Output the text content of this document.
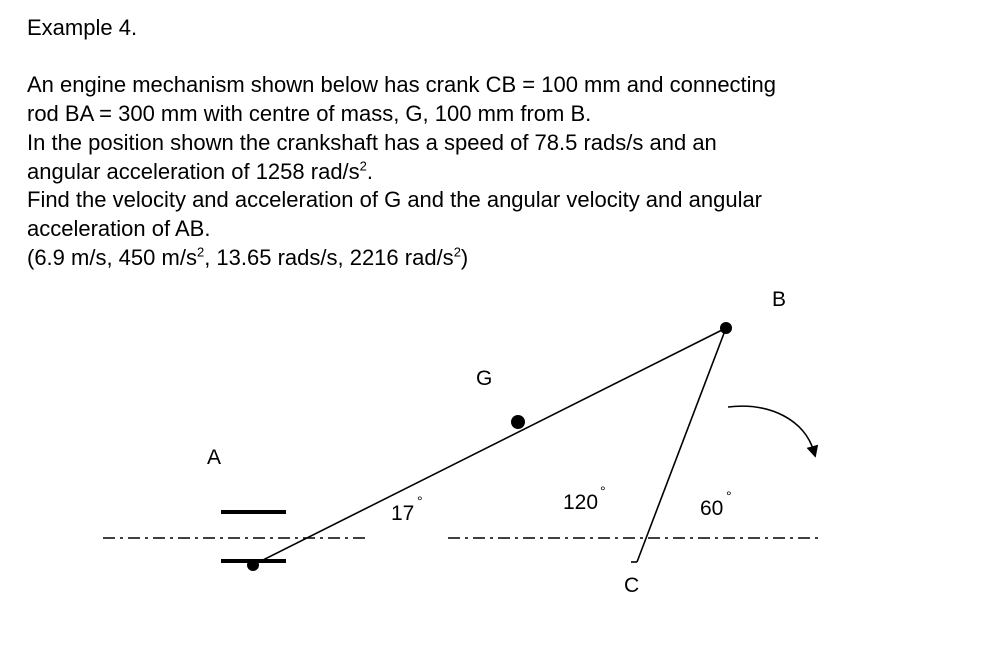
Example 4.

An engine mechanism shown below has crank CB = 100 mm and connecting

rod BA = 300 mm with centre of mass, G, 100 mm from B.

In the position shown the crankshaft has a speed of 78.5 rads/s and an

angular acceleration of 1258 rad/$s^2$.

Find the velocity and acceleration of G and the angular velocity and angular

acceleration of AB.

(6.9 m/s, 450 $m/s^2$, 13.65 rads/s, 2216 rad/$s^2$)

A
B
C
G
17
°	120 °
60
°
